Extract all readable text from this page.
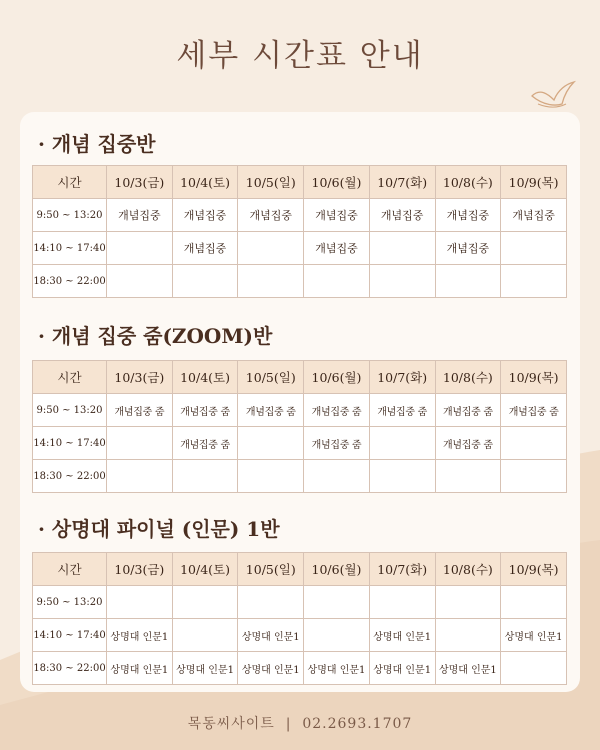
세부 시간표 안내
· 개념 집중반
시간	10/3(금)	10/4(토)	10/5(일)	10/6(월)	10/7(화)	10/8(수)	10/9(목)
9:50 ~ 13:20	개념집중	개념집중	개념집중	개념집중	개념집중	개념집중	개념집중
14:10 ~ 17:40		개념집중		개념집중		개념집중	
18:30 ~ 22:00							
· 개념 집중 줌(ZOOM)반
시간	10/3(금)	10/4(토)	10/5(일)	10/6(월)	10/7(화)	10/8(수)	10/9(목)
9:50 ~ 13:20	개념집중 줌	개념집중 줌	개념집중 줌	개념집중 줌	개념집중 줌	개념집중 줌	개념집중 줌
14:10 ~ 17:40		개념집중 줌		개념집중 줌		개념집중 줌	
18:30 ~ 22:00							
· 상명대 파이널 (인문) 1반
시간	10/3(금)	10/4(토)	10/5(일)	10/6(월)	10/7(화)	10/8(수)	10/9(목)
9:50 ~ 13:20							
14:10 ~ 17:40	상명대 인문1		상명대 인문1		상명대 인문1		상명대 인문1
18:30 ~ 22:00	상명대 인문1	상명대 인문1	상명대 인문1	상명대 인문1	상명대 인문1	상명대 인문1	
목동씨사이트  |  02.2693.1707
